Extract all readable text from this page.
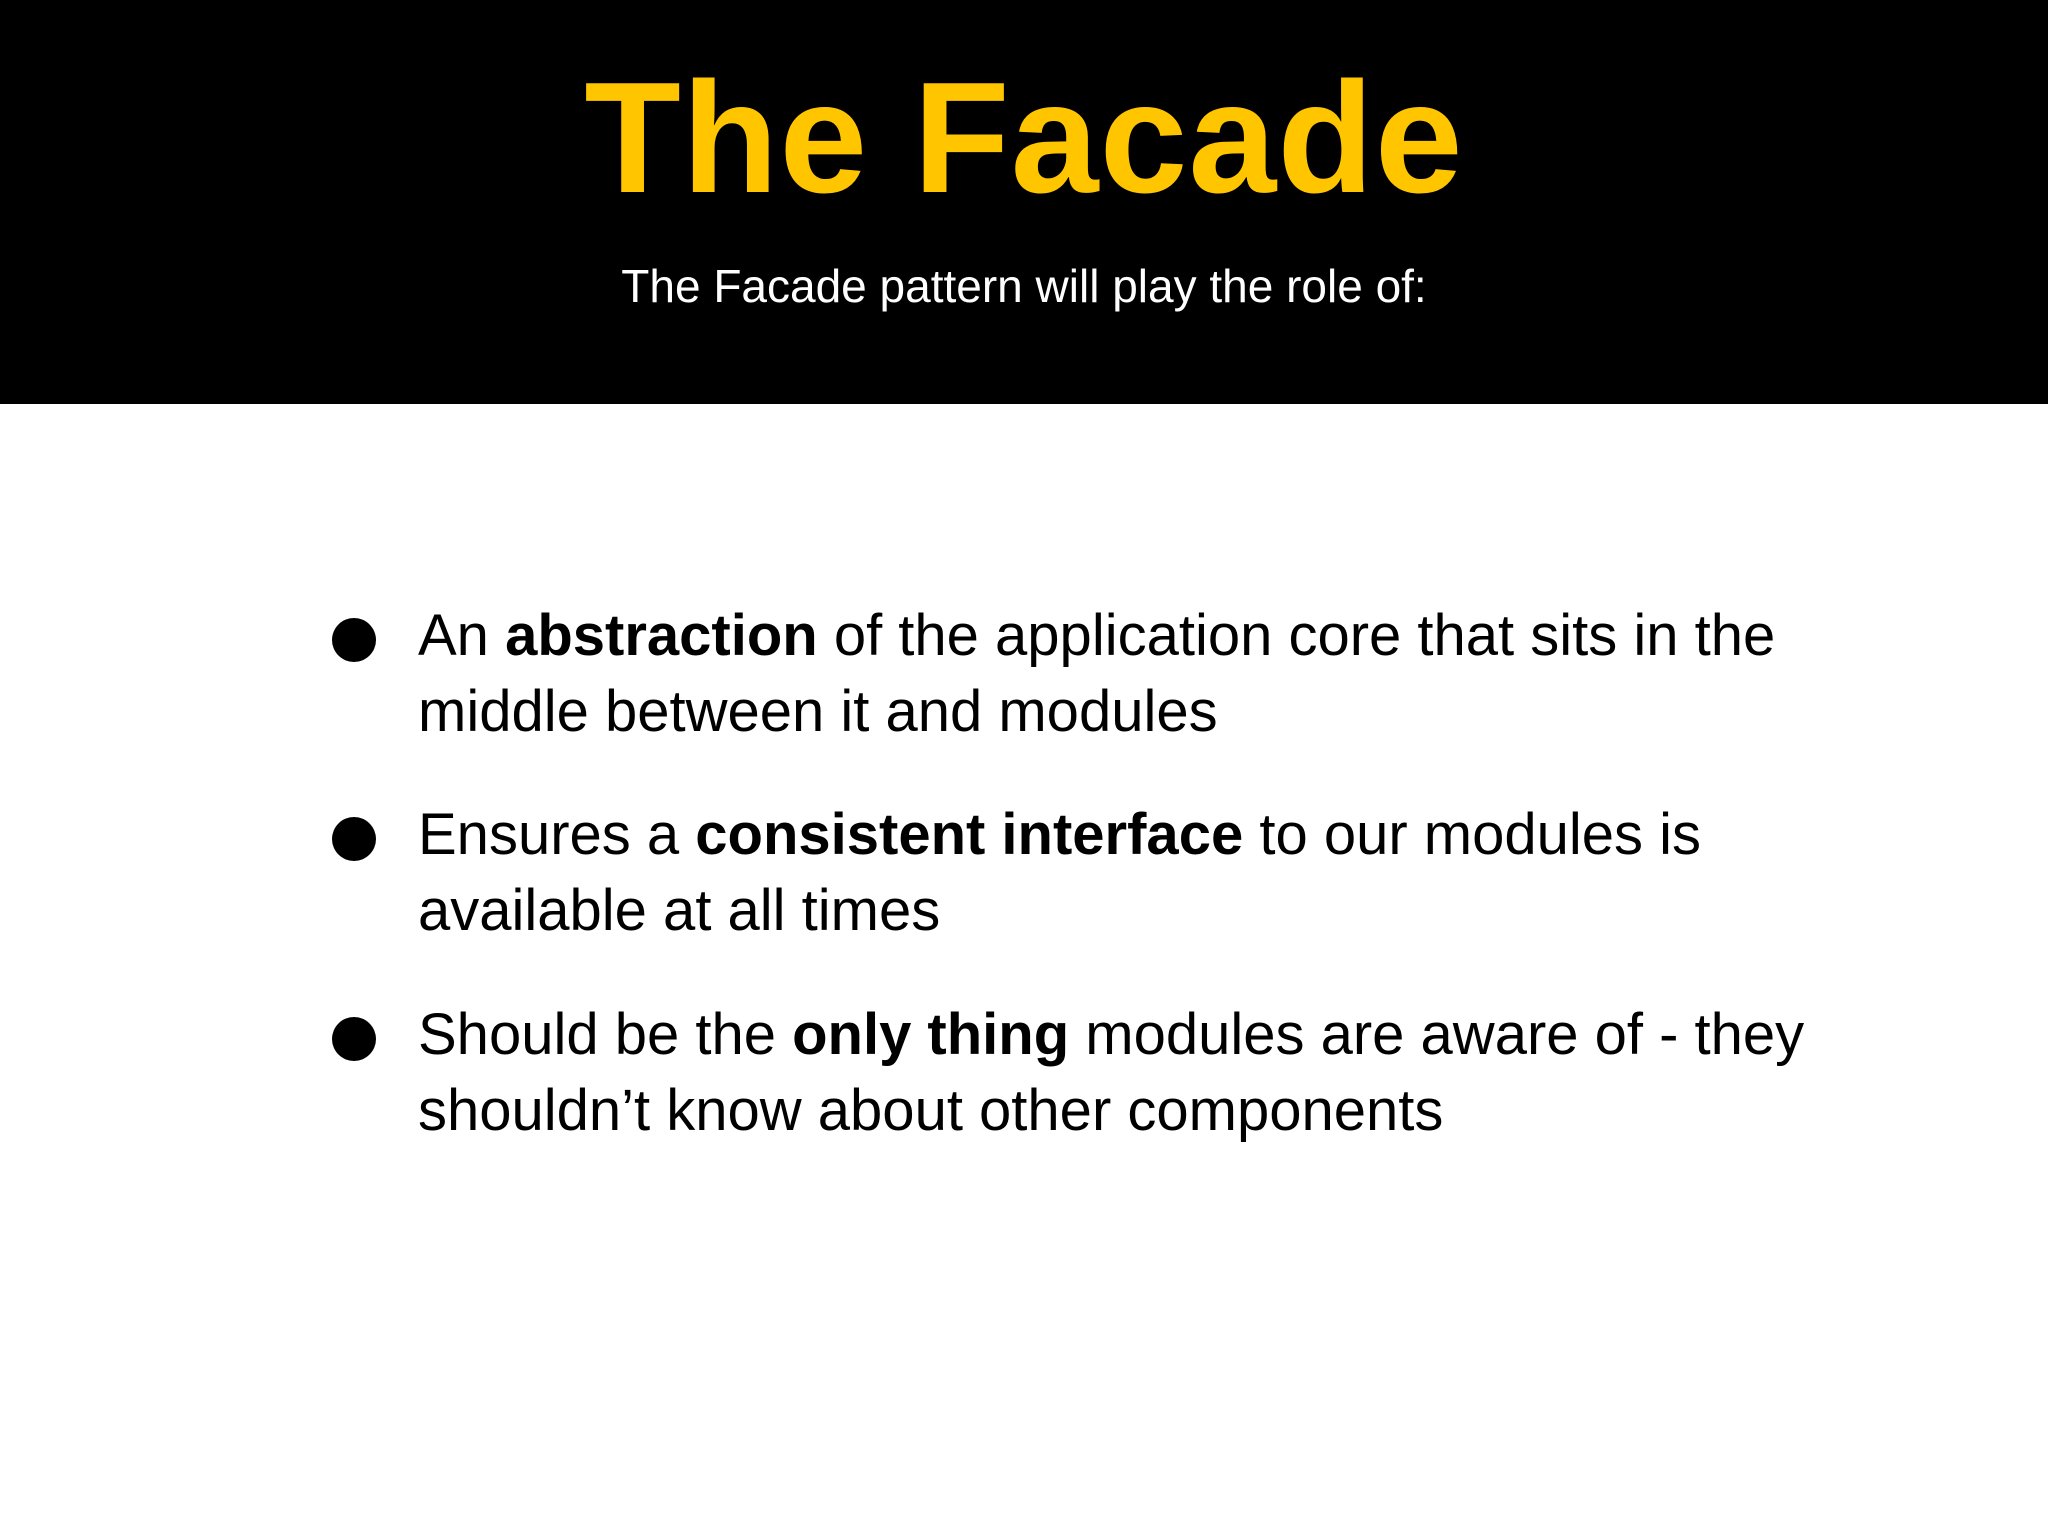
The Facade

The Facade pattern will play the role of:

An abstraction of the application core that sits in the middle between it and modules

Ensures a consistent interface to our modules is available at all times

Should be the only thing modules are aware of - they shouldn’t know about other components
